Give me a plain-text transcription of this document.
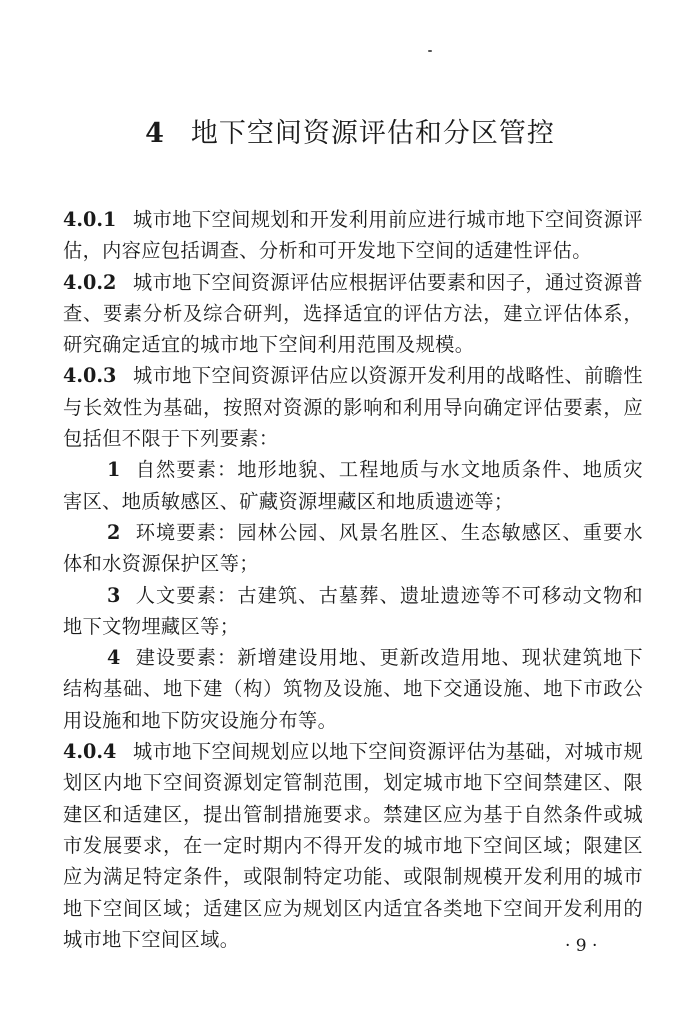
4 地下空间资源评估和分区管控

4.0.1 城市地下空间规划和开发利用前应进行城市地下空间资源评估，内容应包括调查、分析和可开发地下空间的适建性评估。

4.0.2 城市地下空间资源评估应根据评估要素和因子，通过资源普查、要素分析及综合研判，选择适宜的评估方法，建立评估体系，研究确定适宜的城市地下空间利用范围及规模。

4.0.3 城市地下空间资源评估应以资源开发利用的战略性、前瞻性与长效性为基础，按照对资源的影响和利用导向确定评估要素，应包括但不限于下列要素：

1 自然要素：地形地貌、工程地质与水文地质条件、地质灾害区、地质敏感区、矿藏资源埋藏区和地质遗迹等；

2 环境要素：园林公园、风景名胜区、生态敏感区、重要水体和水资源保护区等；

3 人文要素：古建筑、古墓葬、遗址遗迹等不可移动文物和地下文物埋藏区等；

4 建设要素：新增建设用地、更新改造用地、现状建筑地下结构基础、地下建（构）筑物及设施、地下交通设施、地下市政公用设施和地下防灾设施分布等。

4.0.4 城市地下空间规划应以地下空间资源评估为基础，对城市规划区内地下空间资源划定管制范围，划定城市地下空间禁建区、限建区和适建区，提出管制措施要求。禁建区应为基于自然条件或城市发展要求，在一定时期内不得开发的城市地下空间区域；限建区应为满足特定条件，或限制特定功能、或限制规模开发利用的城市地下空间区域；适建区应为规划区内适宜各类地下空间开发利用的城市地下空间区域。	· 9 ·
